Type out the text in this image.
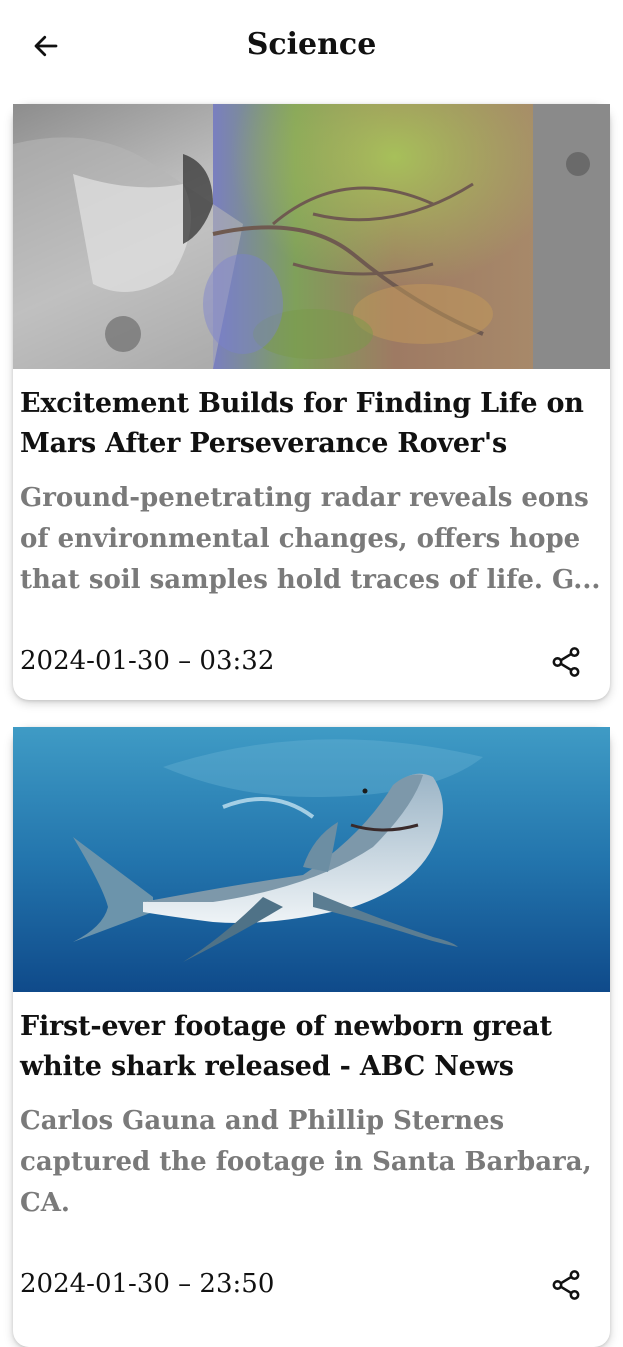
Science
Excitement Builds for Finding Life on Mars After Perseverance Rover's
Ground-penetrating radar reveals eons of environmental changes, offers hope that soil samples hold traces of life. G...
2024-01-30 – 03:32
First-ever footage of newborn great white shark released - ABC News
Carlos Gauna and Phillip Sternes captured the footage in Santa Barbara, CA.
2024-01-30 – 23:50
